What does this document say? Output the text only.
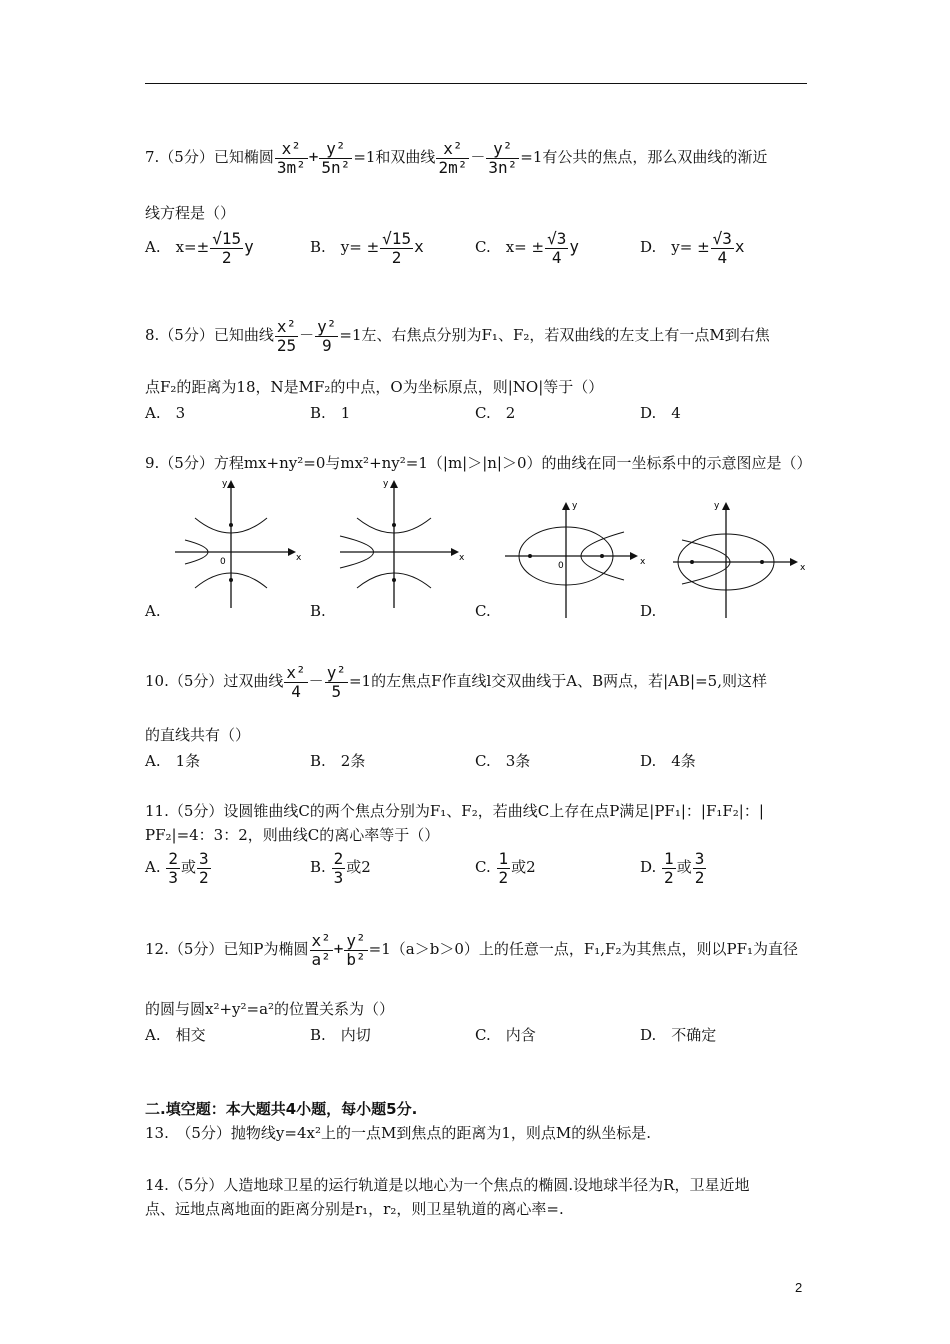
7.（5分）已知椭圆 $\frac{\text{x²}}{\text{3m²}} + \frac{\text{y²}}{\text{5n²}} =1$和双曲线 $\frac{\text{x²}}{\text{2m²}} - \frac{\text{y²}}{\text{3n²}} =1$有公共的焦点，那么双曲线的渐近
线方程是（）
A.　$x=\pm \frac{√15}{2}$ y	B.　$y= \pm \frac{√15}{2}$ x	C.　$x= \pm \frac{√3}{4}$ y	D.　$y= \pm \frac{√3}{4}$ x
8.（5分）已知曲线 $\frac{\text{x²}}{25} - \frac{\text{y²}}{9} =1$左、右焦点分别为F₁、F₂，若双曲线的左支上有一点M到右焦
点F₂的距离为18，N是MF₂的中点，O为坐标原点，则|NO|等于（）
A.　3	B.　1	C.　2	D.　4
9.（5分）方程mx+ny²=0与mx²+ny²=1（|m|＞|n|＞0）的曲线在同一坐标系中的示意图应是（）
y
x
0
y
x
y
x
0
y
x
A.	B.	C.	D.
10.（5分）过双曲线 $\frac{\text{x²}}{4} - \frac{\text{y²}}{5} =1$的左焦点F作直线l交双曲线于A、B两点，若|AB|=5,则这样
的直线共有（）
A.　1条	B.　2条	C.　3条	D.　4条
11.（5分）设圆锥曲线C的两个焦点分别为F₁、F₂，若曲线C上存在点P满足|PF₁|：|F₁F₂|：|
PF₂|=4：3：2，则曲线C的离心率等于（）
A. $\frac{2}{3}$ 或 $\frac{3}{2}$	B. $\frac{2}{3}$ 或2	C. $\frac{1}{2}$ 或2	D. $\frac{1}{2}$ 或 $\frac{3}{2}$
12.（5分）已知P为椭圆 $\frac{\text{x²}}{\text{a²}} + \frac{\text{y²}}{\text{b²}} =1(a>b>0)$上的任意一点，F₁,F₂为其焦点，则以PF₁为直径
的圆与圆x²+y²=a²的位置关系为（）
A.　相交	B.　内切	C.　内含	D.　不确定
二.填空题：本大题共4小题，每小题5分.
13.　（5分）抛物线y=4x²上的一点M到焦点的距离为1，则点M的纵坐标是.
14.（5分）人造地球卫星的运行轨道是以地心为一个焦点的椭圆.设地球半径为R，卫星近地
点、远地点离地面的距离分别是r₁，r₂，则卫星轨道的离心率=.
2
